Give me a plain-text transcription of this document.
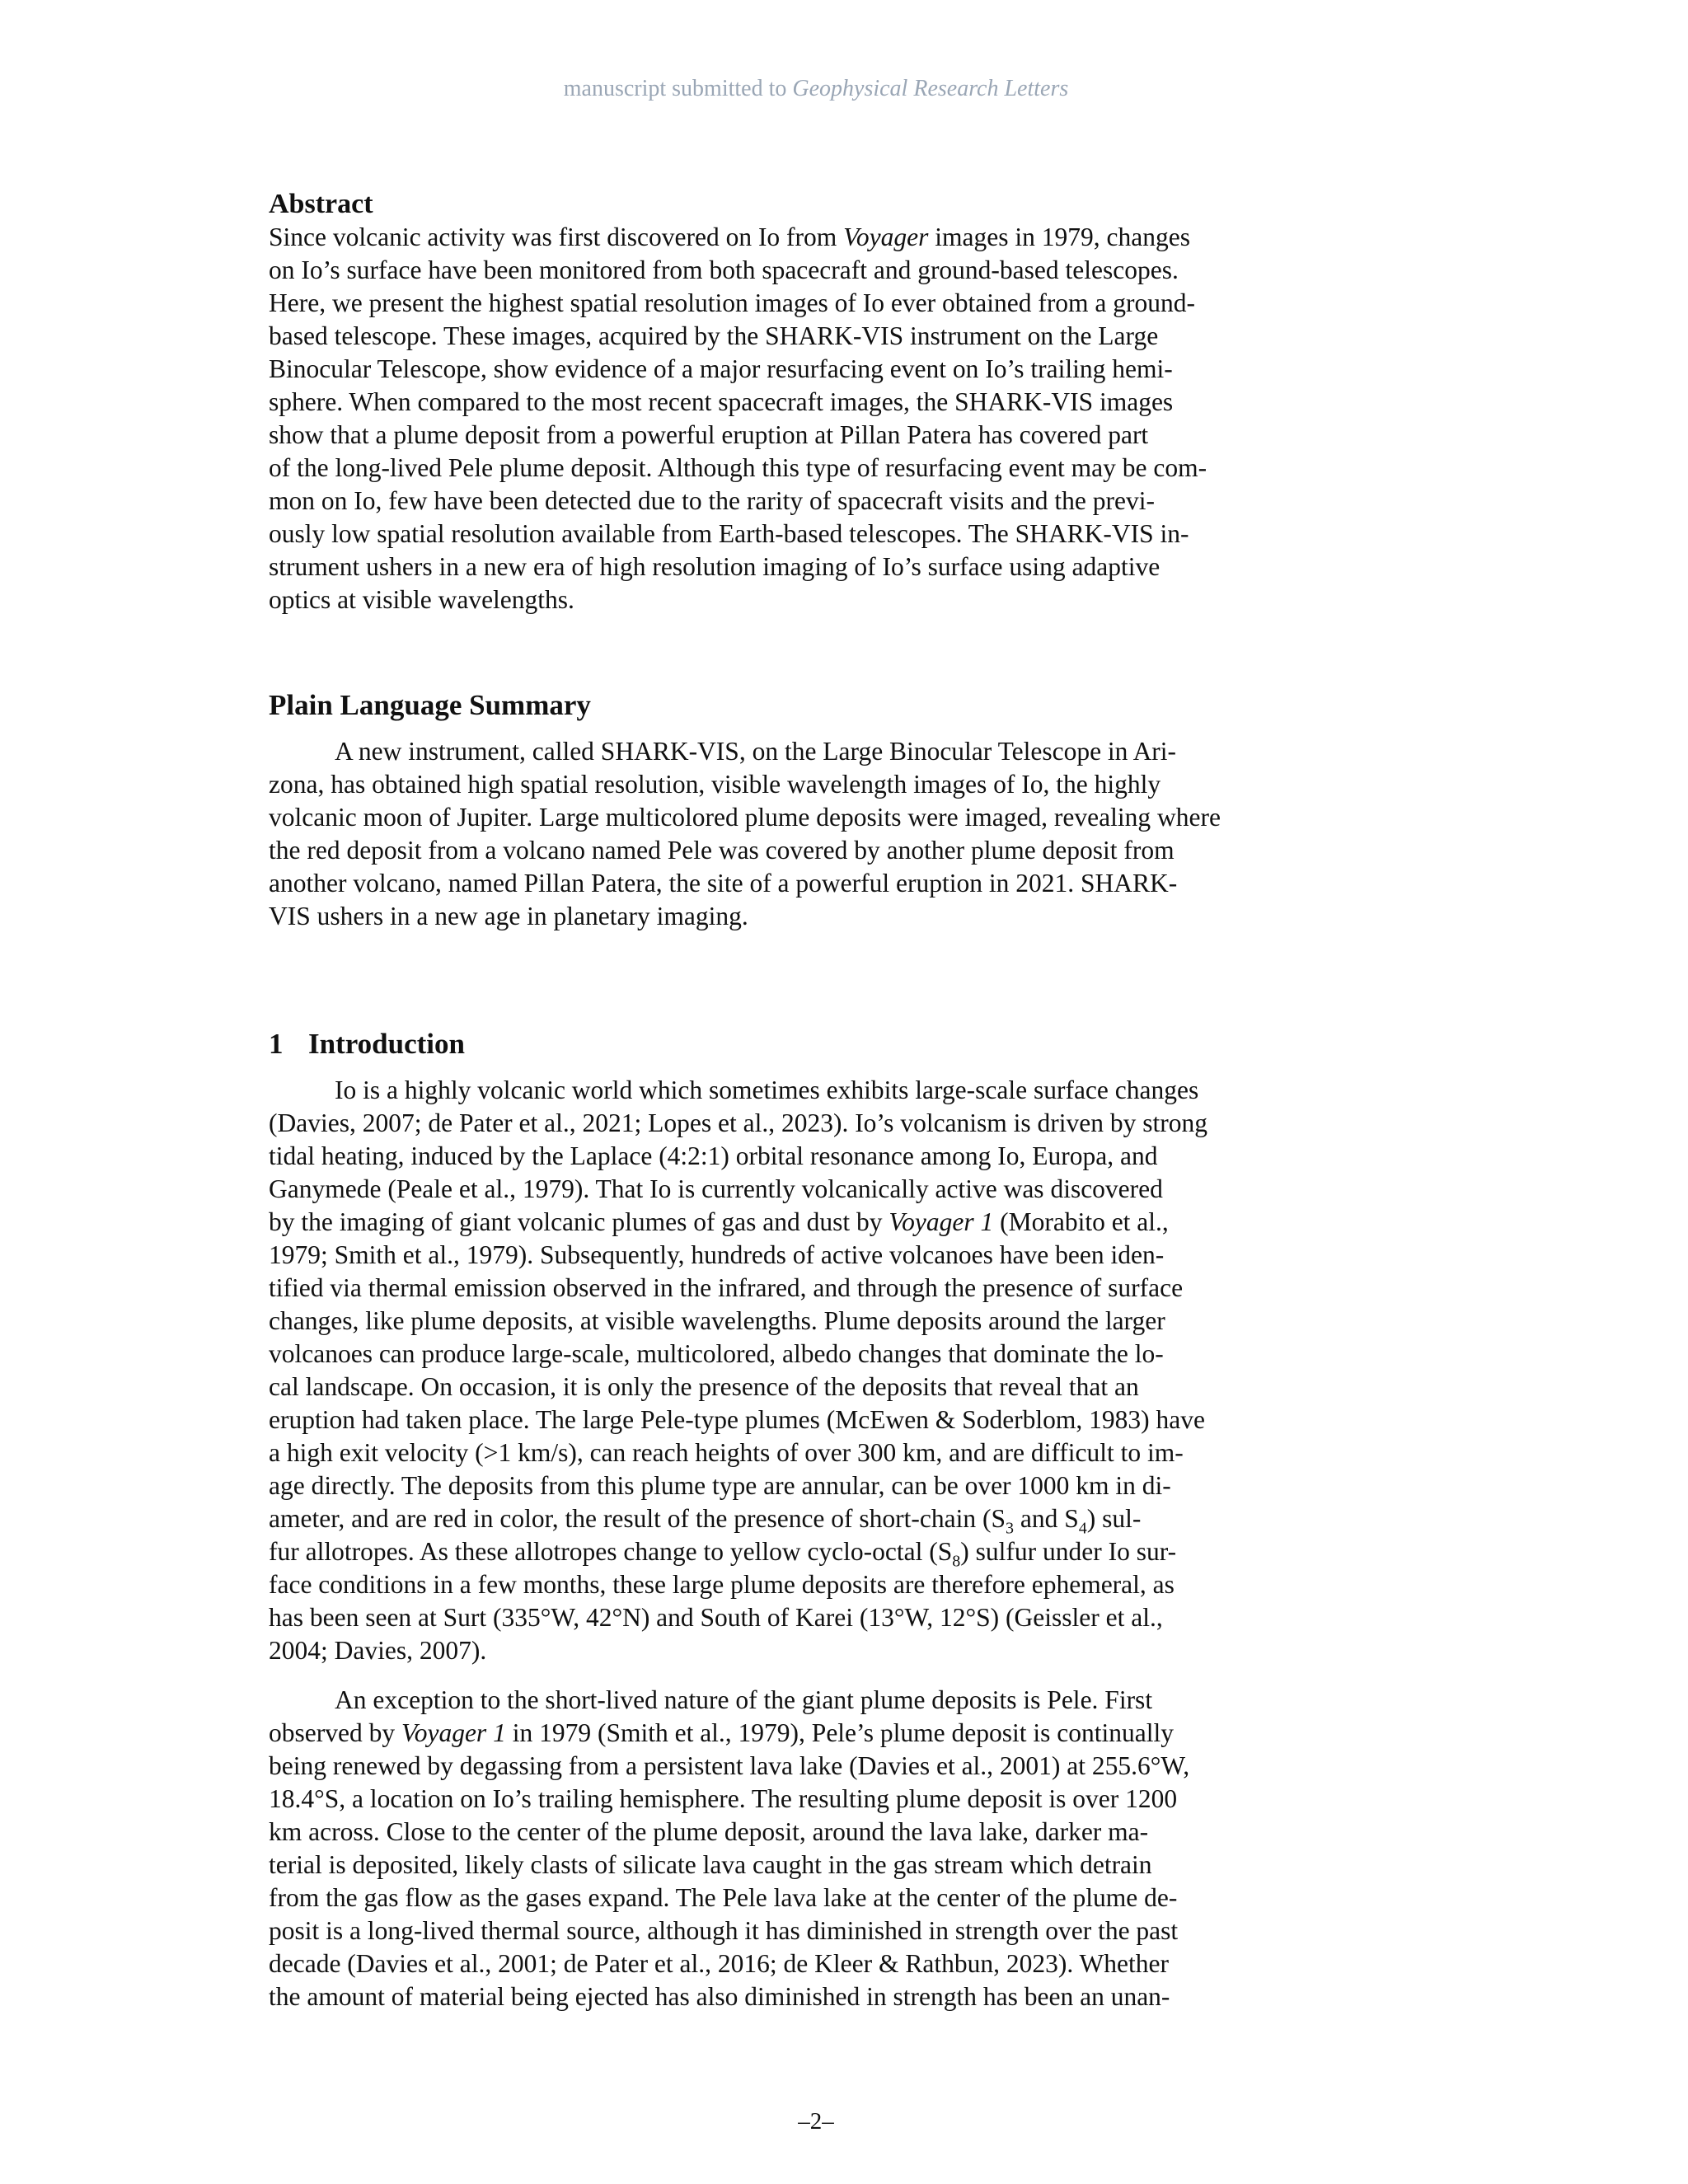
manuscript submitted to Geophysical Research Letters
Abstract
Since volcanic activity was first discovered on Io from Voyager images in 1979, changes
on Io’s surface have been monitored from both spacecraft and ground-based telescopes.
Here, we present the highest spatial resolution images of Io ever obtained from a ground-
based telescope. These images, acquired by the SHARK-VIS instrument on the Large
Binocular Telescope, show evidence of a major resurfacing event on Io’s trailing hemi-
sphere. When compared to the most recent spacecraft images, the SHARK-VIS images
show that a plume deposit from a powerful eruption at Pillan Patera has covered part
of the long-lived Pele plume deposit. Although this type of resurfacing event may be com-
mon on Io, few have been detected due to the rarity of spacecraft visits and the previ-
ously low spatial resolution available from Earth-based telescopes. The SHARK-VIS in-
strument ushers in a new era of high resolution imaging of Io’s surface using adaptive
optics at visible wavelengths.
Plain Language Summary
A new instrument, called SHARK-VIS, on the Large Binocular Telescope in Ari-
zona, has obtained high spatial resolution, visible wavelength images of Io, the highly
volcanic moon of Jupiter. Large multicolored plume deposits were imaged, revealing where
the red deposit from a volcano named Pele was covered by another plume deposit from
another volcano, named Pillan Patera, the site of a powerful eruption in 2021. SHARK-
VIS ushers in a new age in planetary imaging.
1 Introduction
Io is a highly volcanic world which sometimes exhibits large-scale surface changes
(Davies, 2007; de Pater et al., 2021; Lopes et al., 2023). Io’s volcanism is driven by strong
tidal heating, induced by the Laplace (4:2:1) orbital resonance among Io, Europa, and
Ganymede (Peale et al., 1979). That Io is currently volcanically active was discovered
by the imaging of giant volcanic plumes of gas and dust by Voyager 1 (Morabito et al.,
1979; Smith et al., 1979). Subsequently, hundreds of active volcanoes have been iden-
tified via thermal emission observed in the infrared, and through the presence of surface
changes, like plume deposits, at visible wavelengths. Plume deposits around the larger
volcanoes can produce large-scale, multicolored, albedo changes that dominate the lo-
cal landscape. On occasion, it is only the presence of the deposits that reveal that an
eruption had taken place. The large Pele-type plumes (McEwen & Soderblom, 1983) have
a high exit velocity (>1 km/s), can reach heights of over 300 km, and are difficult to im-
age directly. The deposits from this plume type are annular, can be over 1000 km in di-
ameter, and are red in color, the result of the presence of short-chain ($S_3$ and $S_4$) sul-
fur allotropes. As these allotropes change to yellow cyclo-octal $(S_8)$ sulfur under Io sur-
face conditions in a few months, these large plume deposits are therefore ephemeral, as
has been seen at Surt (335°W, 42°N) and South of Karei (13°W, 12°S) (Geissler et al.,
2004; Davies, 2007).
An exception to the short-lived nature of the giant plume deposits is Pele. First
observed by Voyager 1 in 1979 (Smith et al., 1979), Pele’s plume deposit is continually
being renewed by degassing from a persistent lava lake (Davies et al., 2001) at 255.6°W,
18.4°S, a location on Io’s trailing hemisphere. The resulting plume deposit is over 1200
km across. Close to the center of the plume deposit, around the lava lake, darker ma-
terial is deposited, likely clasts of silicate lava caught in the gas stream which detrain
from the gas flow as the gases expand. The Pele lava lake at the center of the plume de-
posit is a long-lived thermal source, although it has diminished in strength over the past
decade (Davies et al., 2001; de Pater et al., 2016; de Kleer & Rathbun, 2023). Whether
the amount of material being ejected has also diminished in strength has been an unan-
–2–
